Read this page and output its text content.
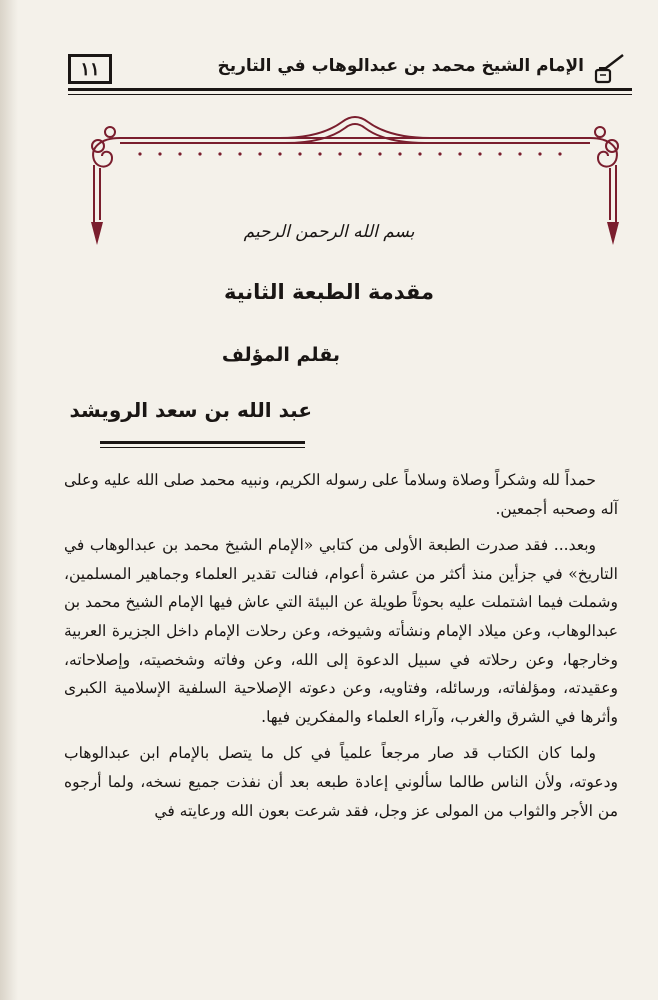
١١	الإمام الشيخ محمد بن عبدالوهاب في التاريخ
بسم الله الرحمن الرحيم
مقدمة الطبعة الثانية
بقلم المؤلف
عبد الله بن سعد الرويشد

حمداً لله وشكراً وصلاة وسلاماً على رسوله الكريم، ونبيه محمد صلى الله عليه وعلى آله وصحبه أجمعين.

وبعد... فقد صدرت الطبعة الأولى من كتابي «الإمام الشيخ محمد بن عبدالوهاب في التاريخ» في جزأين منذ أكثر من عشرة أعوام، فنالت تقدير العلماء وجماهير المسلمين، وشملت فيما اشتملت عليه بحوثاً طويلة عن البيئة التي عاش فيها الإمام الشيخ محمد بن عبدالوهاب، وعن ميلاد الإمام ونشأته وشيوخه، وعن رحلات الإمام داخل الجزيرة العربية وخارجها، وعن رحلاته في سبيل الدعوة إلى الله، وعن وفاته وشخصيته، وإصلاحاته، وعقيدته، ومؤلفاته، ورسائله، وفتاويه، وعن دعوته الإصلاحية السلفية الإسلامية الكبرى وأثرها في الشرق والغرب، وآراء العلماء والمفكرين فيها.

ولما كان الكتاب قد صار مرجعاً علمياً في كل ما يتصل بالإمام ابن عبدالوهاب ودعوته، ولأن الناس طالما سألوني إعادة طبعه بعد أن نفذت جميع نسخه، ولما أرجوه من الأجر والثواب من المولى عز وجل، فقد شرعت بعون الله ورعايته في
